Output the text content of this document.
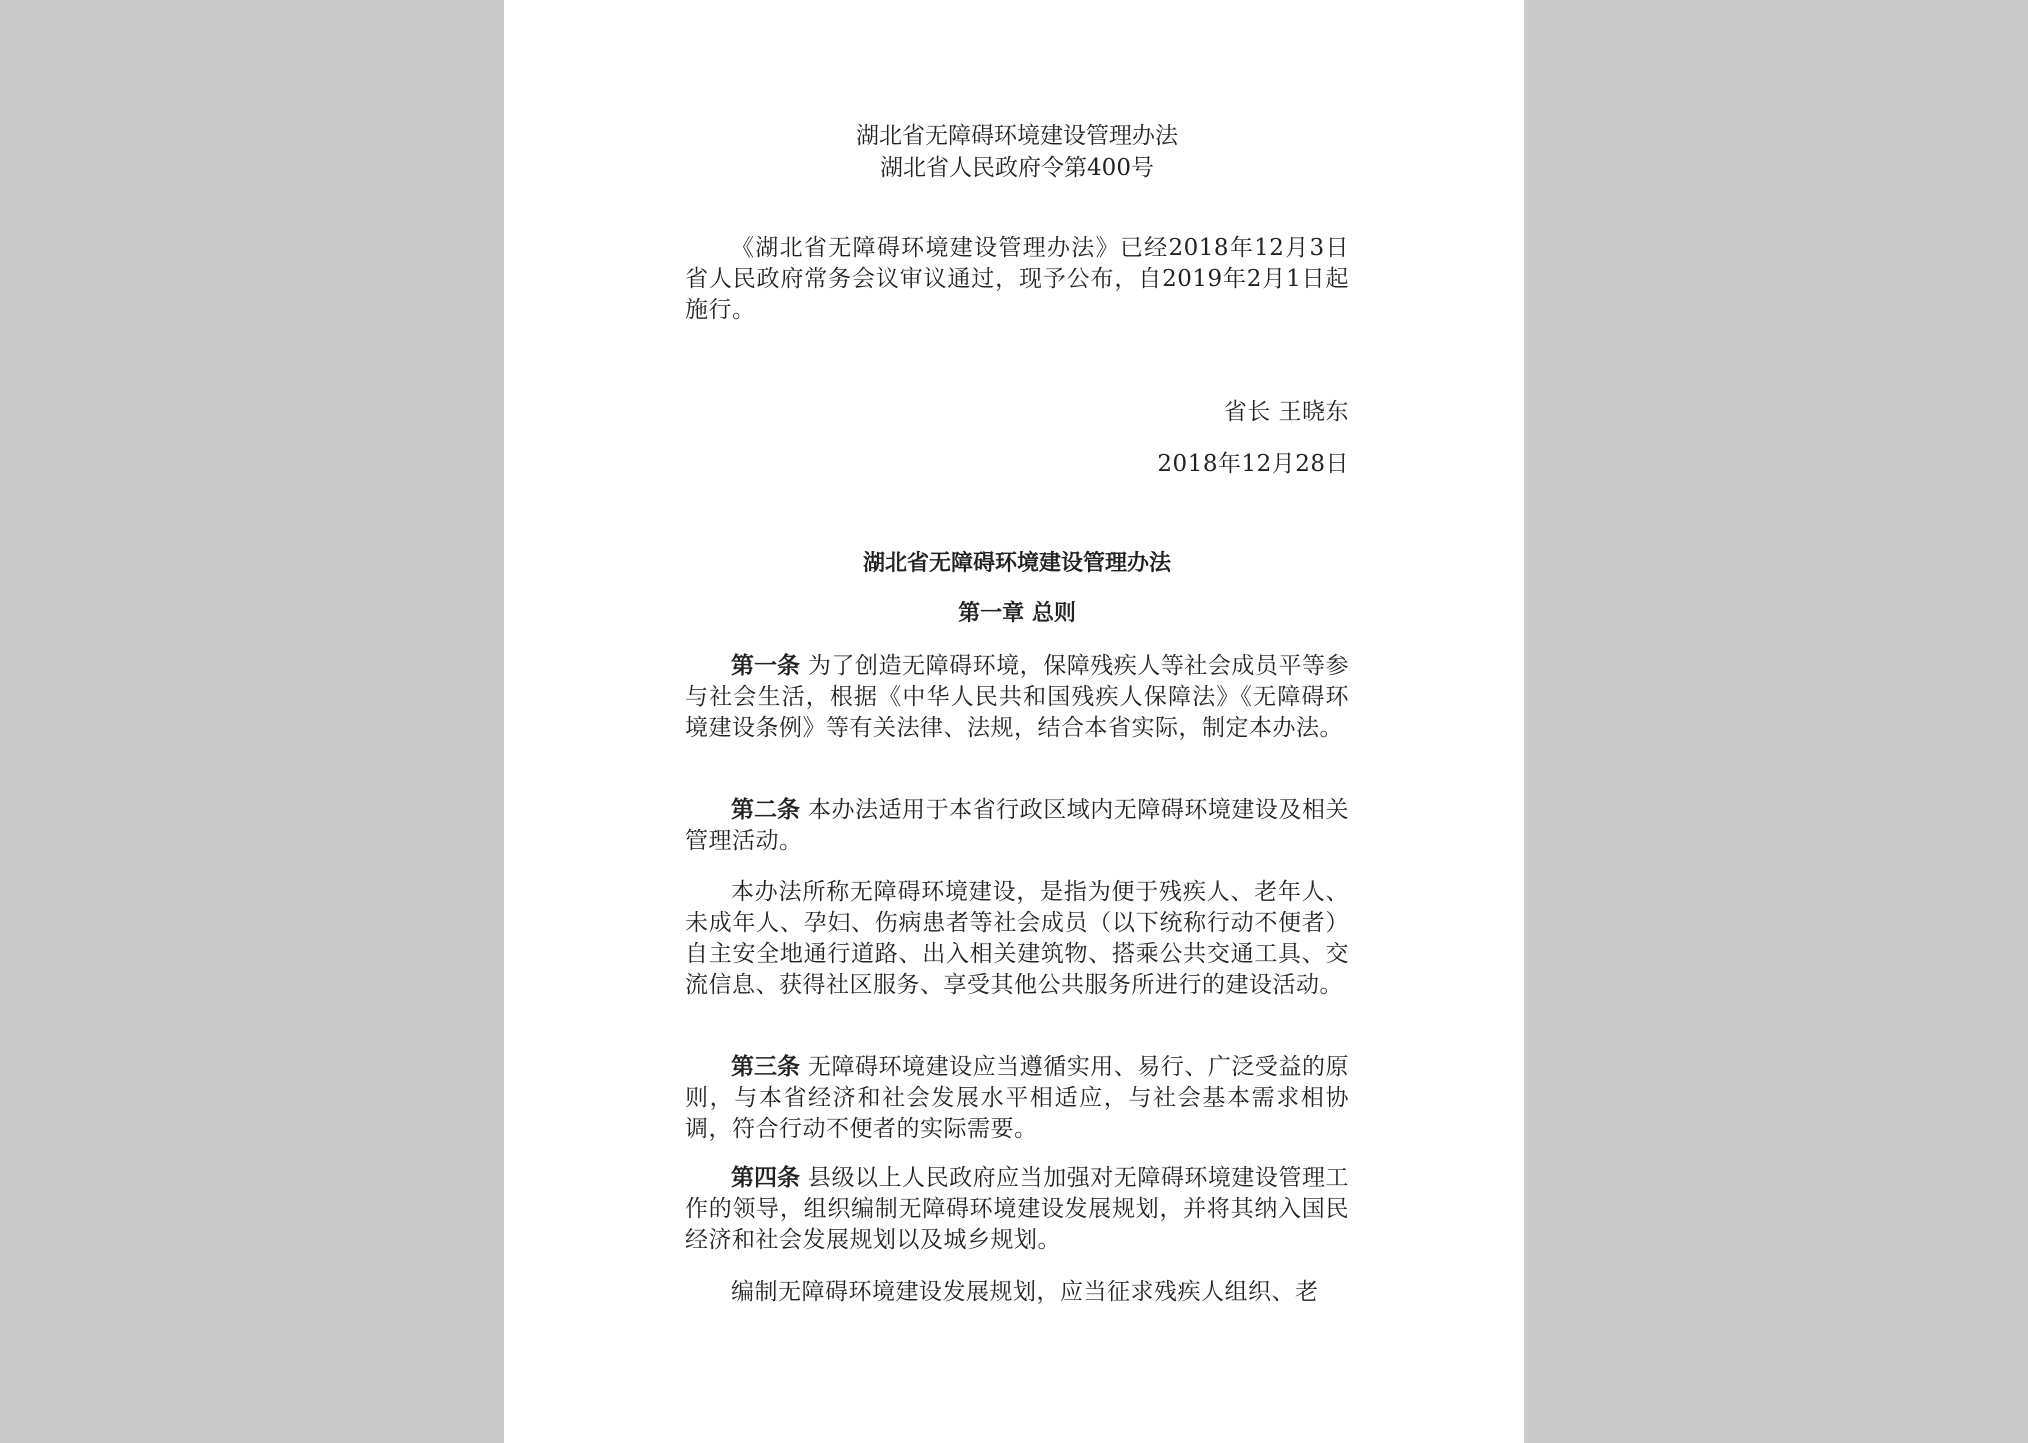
湖北省无障碍环境建设管理办法
湖北省人民政府令第400号

《湖北省无障碍环境建设管理办法》已经2018年12月3日省人民政府常务会议审议通过，现予公布，自2019年2月1日起施行。

省长 王晓东
2018年12月28日
湖北省无障碍环境建设管理办法
第一章 总则

第一条 为了创造无障碍环境，保障残疾人等社会成员平等参与社会生活，根据《中华人民共和国残疾人保障法》《无障碍环境建设条例》等有关法律、法规，结合本省实际，制定本办法。

第二条 本办法适用于本省行政区域内无障碍环境建设及相关管理活动。

本办法所称无障碍环境建设，是指为便于残疾人、老年人、未成年人、孕妇、伤病患者等社会成员（以下统称行动不便者）自主安全地通行道路、出入相关建筑物、搭乘公共交通工具、交流信息、获得社区服务、享受其他公共服务所进行的建设活动。

第三条 无障碍环境建设应当遵循实用、易行、广泛受益的原则，与本省经济和社会发展水平相适应，与社会基本需求相协调，符合行动不便者的实际需要。

第四条 县级以上人民政府应当加强对无障碍环境建设管理工作的领导，组织编制无障碍环境建设发展规划，并将其纳入国民经济和社会发展规划以及城乡规划。

编制无障碍环境建设发展规划，应当征求残疾人组织、老
